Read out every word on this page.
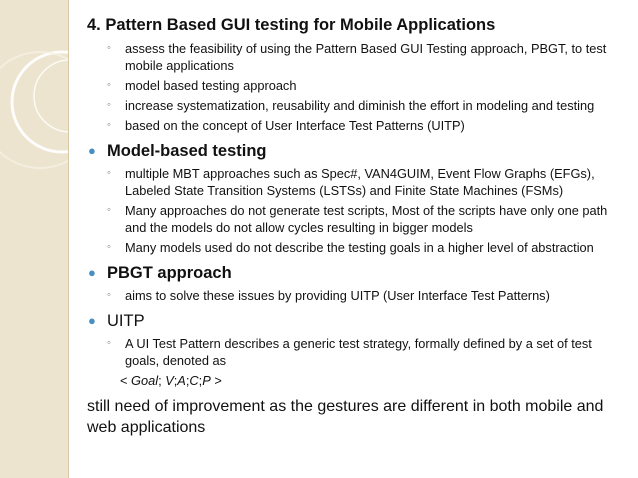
4. Pattern Based GUI testing for Mobile Applications
◦ assess the feasibility of using the Pattern Based GUI Testing approach, PBGT, to test mobile applications
◦ model based testing approach
◦ increase systematization, reusability and diminish the effort in modeling and testing
◦ based on the concept of User Interface Test Patterns (UIТP)
● Model-based testing
◦ multiple MBT approaches such as Spec#, VAN4GUIM, Event Flow Graphs (EFGs), Labeled State Transition Systems (LSTSs) and Finite State Machines (FSMs)
◦ Many approaches do not generate test scripts, Most of the scripts have only one path and the models do not allow cycles resulting in bigger models
◦ Many models used do not describe the testing goals in a higher level of abstraction
● PBGT approach
◦ aims to solve these issues by providing UITP (User Interface Test Patterns)
● UITP
◦ A UI Test Pattern describes a generic test strategy, formally defined by a set of test goals, denoted as
< Goal; V;A;C;P >
still need of improvement as the gestures are different in both mobile and web applications
